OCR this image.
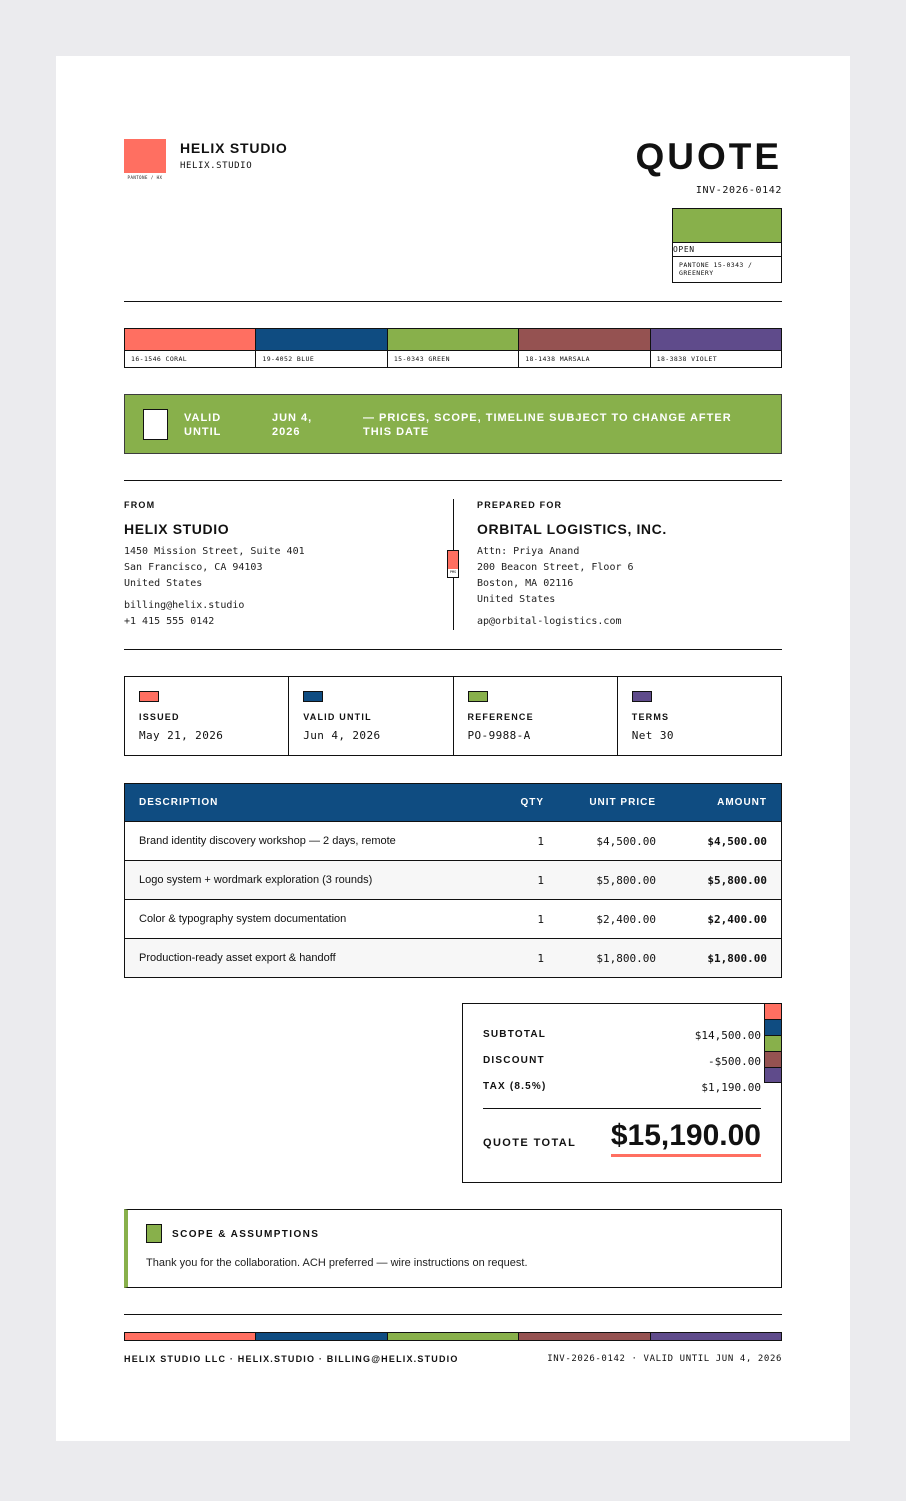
PANTONE / HX
HELIX STUDIO
HELIX.STUDIO	QUOTE
INV-2026-0142
OPEN
PANTONE 15-0343 / GREENERY
16-1546 CORAL	19-4052 BLUE	15-0343 GREEN	18-1438 MARSALA	18-3838 VIOLET
VALID UNTIL
JUN 4, 2026
— PRICES, SCOPE, TIMELINE SUBJECT TO CHANGE AFTER THIS DATE
FROM
HELIX STUDIO
1450 Mission Street, Suite 401
San Francisco, CA 94103
United States
billing@helix.studio
+1 415 555 0142
PMS
PREPARED FOR
ORBITAL LOGISTICS, INC.
Attn: Priya Anand
200 Beacon Street, Floor 6
Boston, MA 02116
United States
ap@orbital-logistics.com
ISSUED
May 21, 2026
VALID UNTIL
Jun 4, 2026
REFERENCE
PO-9988-A
TERMS
Net 30
DESCRIPTION	QTY	UNIT PRICE	AMOUNT
Brand identity discovery workshop — 2 days, remote	1	$4,500.00	$4,500.00
Logo system + wordmark exploration (3 rounds)	1	$5,800.00	$5,800.00
Color & typography system documentation	1	$2,400.00	$2,400.00
Production-ready asset export & handoff	1	$1,800.00	$1,800.00
SUBTOTAL	$14,500.00
DISCOUNT	-$500.00
TAX (8.5%)	$1,190.00
QUOTE TOTAL $15,190.00
SCOPE & ASSUMPTIONS
Thank you for the collaboration. ACH preferred — wire instructions on request.
HELIX STUDIO LLC · HELIX.STUDIO · BILLING@HELIX.STUDIO	INV-2026-0142 · VALID UNTIL JUN 4, 2026
